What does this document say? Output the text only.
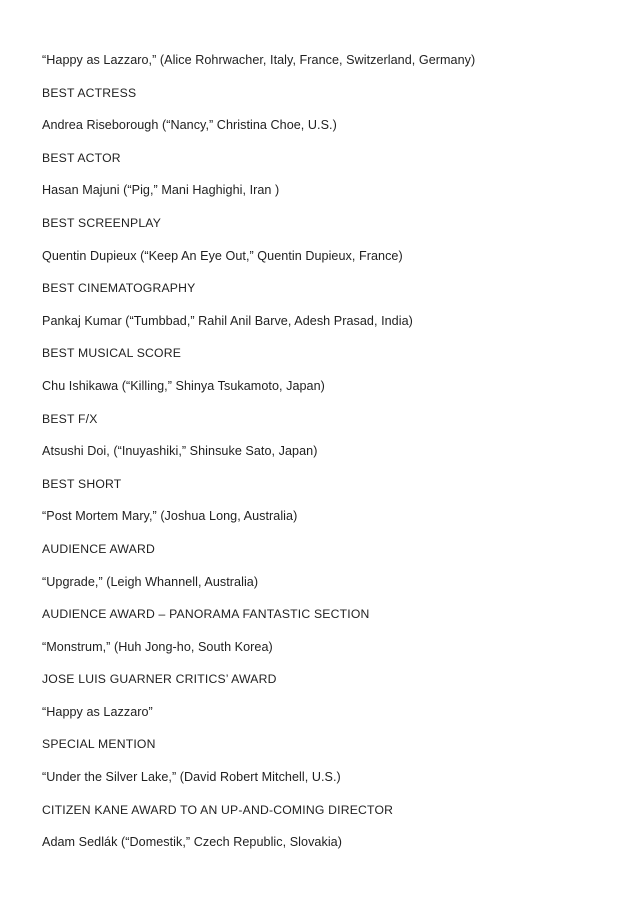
“Happy as Lazzaro,” (Alice Rohrwacher, Italy, France, Switzerland, Germany)
BEST ACTRESS
Andrea Riseborough (“Nancy,” Christina Choe, U.S.)
BEST ACTOR
Hasan Majuni (“Pig,” Mani Haghighi, Iran )
BEST SCREENPLAY
Quentin Dupieux (“Keep An Eye Out,” Quentin Dupieux, France)
BEST CINEMATOGRAPHY
Pankaj Kumar (“Tumbbad,” Rahil Anil Barve, Adesh Prasad, India)
BEST MUSICAL SCORE
Chu Ishikawa (“Killing,” Shinya Tsukamoto, Japan)
BEST F/X
Atsushi Doi, (“Inuyashiki,” Shinsuke Sato, Japan)
BEST SHORT
“Post Mortem Mary,” (Joshua Long, Australia)
AUDIENCE AWARD
“Upgrade,” (Leigh Whannell, Australia)
AUDIENCE AWARD – PANORAMA FANTASTIC SECTION
“Monstrum,” (Huh Jong-ho, South Korea)
JOSE LUIS GUARNER CRITICS’ AWARD
“Happy as Lazzaro”
SPECIAL MENTION
“Under the Silver Lake,” (David Robert Mitchell, U.S.)
CITIZEN KANE AWARD TO AN UP-AND-COMING DIRECTOR
Adam Sedlák (“Domestik,” Czech Republic, Slovakia)
